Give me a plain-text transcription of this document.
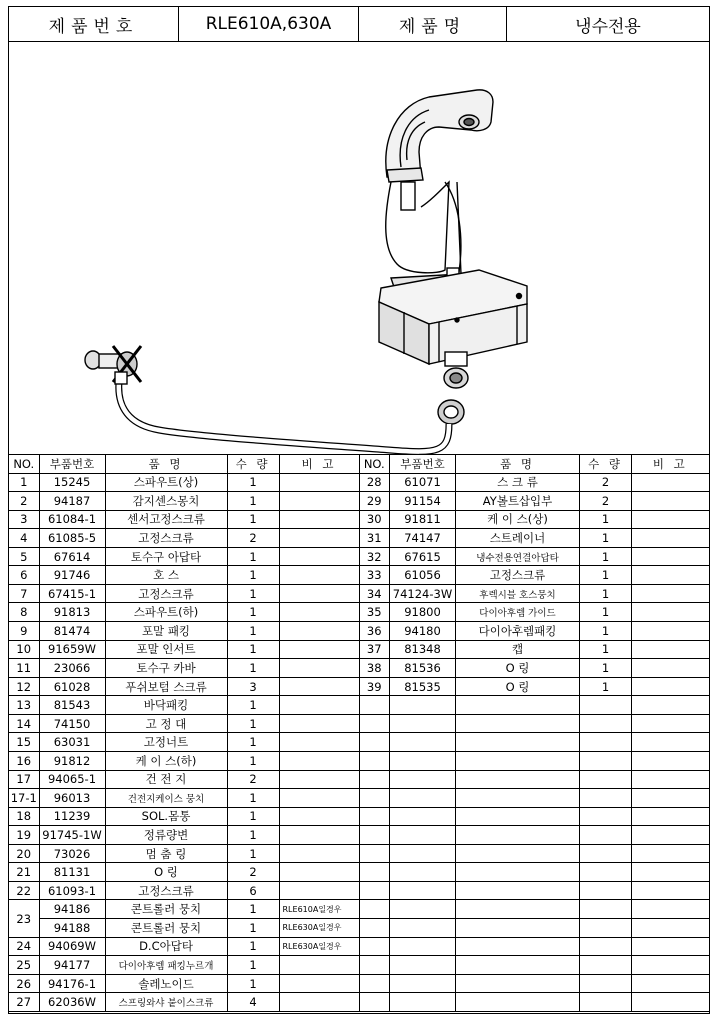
제품번호	RLE610A,630A	제품명	냉수전용
NO.	부품번호	품 명	수 량	비 고
1	15245	스파우트(상)	1	
2	94187	감지센스몽치	1	
3	61084-1	센서고정스크류	1	
4	61085-5	고정스크류	2	
5	67614	토수구 아답타	1	
6	91746	호 스	1	
7	67415-1	고정스크류	1	
8	91813	스파우트(하)	1	
9	81474	포말 패킹	1	
10	91659W	포말 인서트	1	
11	23066	토수구 카바	1	
12	61028	푸쉬보텀 스크류	3	
13	81543	바닥패킹	1	
14	74150	고 정 대	1	
15	63031	고정너트	1	
16	91812	케 이 스(하)	1	
17	94065-1	건 전 지	2	
17-1	96013	건전지케이스 뭉치	1	
18	11239	SOL.몸통	1	
19	91745-1W	정류량변	1	
20	73026	멈 춤 링	1	
21	81131	O 링	2	
22	61093-1	고정스크류	6	
23	94186	콘트롤러 뭉치	1	RLE610A일경우
	94188	콘트롤러 뭉치	1	RLE630A일경우
24	94069W	D.C아답타	1	RLE630A일경우
25	94177	다이아후렘 패킹누르개	1	
26	94176-1	솔레노이드	1	
27	62036W	스프링와샤 붙이스크류	4	
NO.	부품번호	품 명	수 량	비 고
28	61071	스 크 류	2	
29	91154	AY볼트삽입부	2	
30	91811	케 이 스(상)	1	
31	74147	스트레이너	1	
32	67615	냉수전용연결아답타	1	
33	61056	고정스크류	1	
34	74124-3W	후렉시블 호스뭉치	1	
35	91800	다이아후렘 가이드	1	
36	94180	다이아후렘패킹	1	
37	81348	캡	1	
38	81536	O 링	1	
39	81535	O 링	1	
